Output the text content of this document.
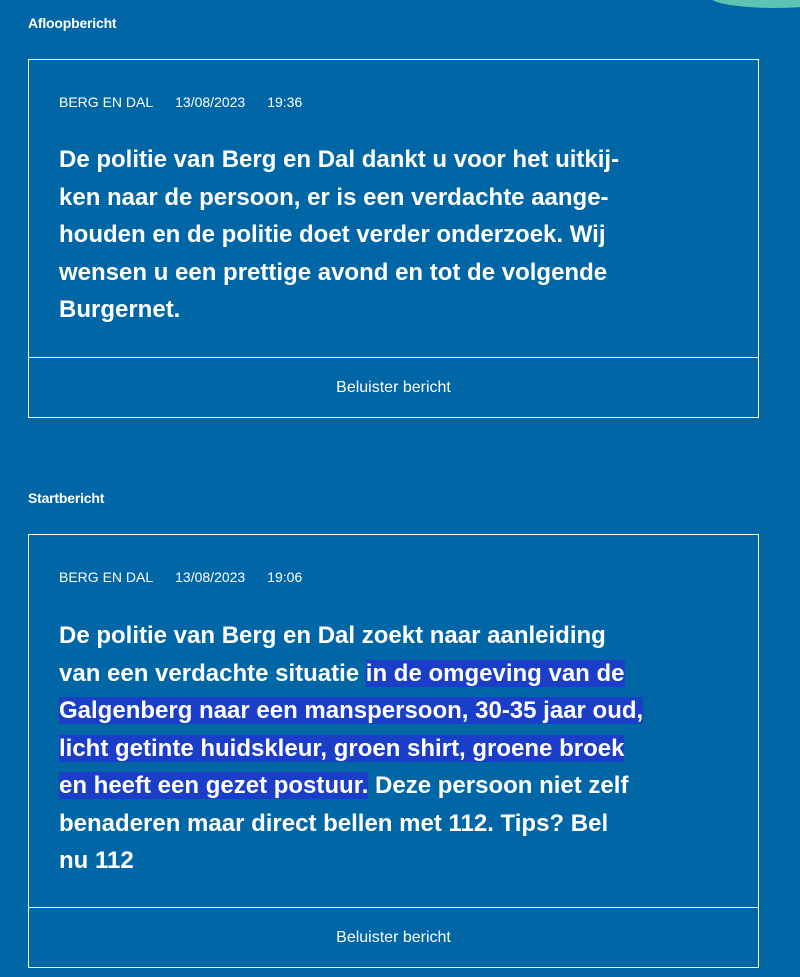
Afloopbericht
BERG EN DAL 13/08/2023 19:36
De politie van Berg en Dal dankt u voor het uitkij-
ken naar de persoon, er is een verdachte aange-
houden en de politie doet verder onderzoek. Wij
wensen u een prettige avond en tot de volgende
Burgernet.
Beluister bericht
Startbericht
BERG EN DAL 13/08/2023 19:06
De politie van Berg en Dal zoekt naar aanleiding
van een verdachte situatie in de omgeving van de
Galgenberg naar een manspersoon, 30-35 jaar oud,
licht getinte huidskleur, groen shirt, groene broek
en heeft een gezet postuur. Deze persoon niet zelf
benaderen maar direct bellen met 112. Tips? Bel
nu 112
Beluister bericht
